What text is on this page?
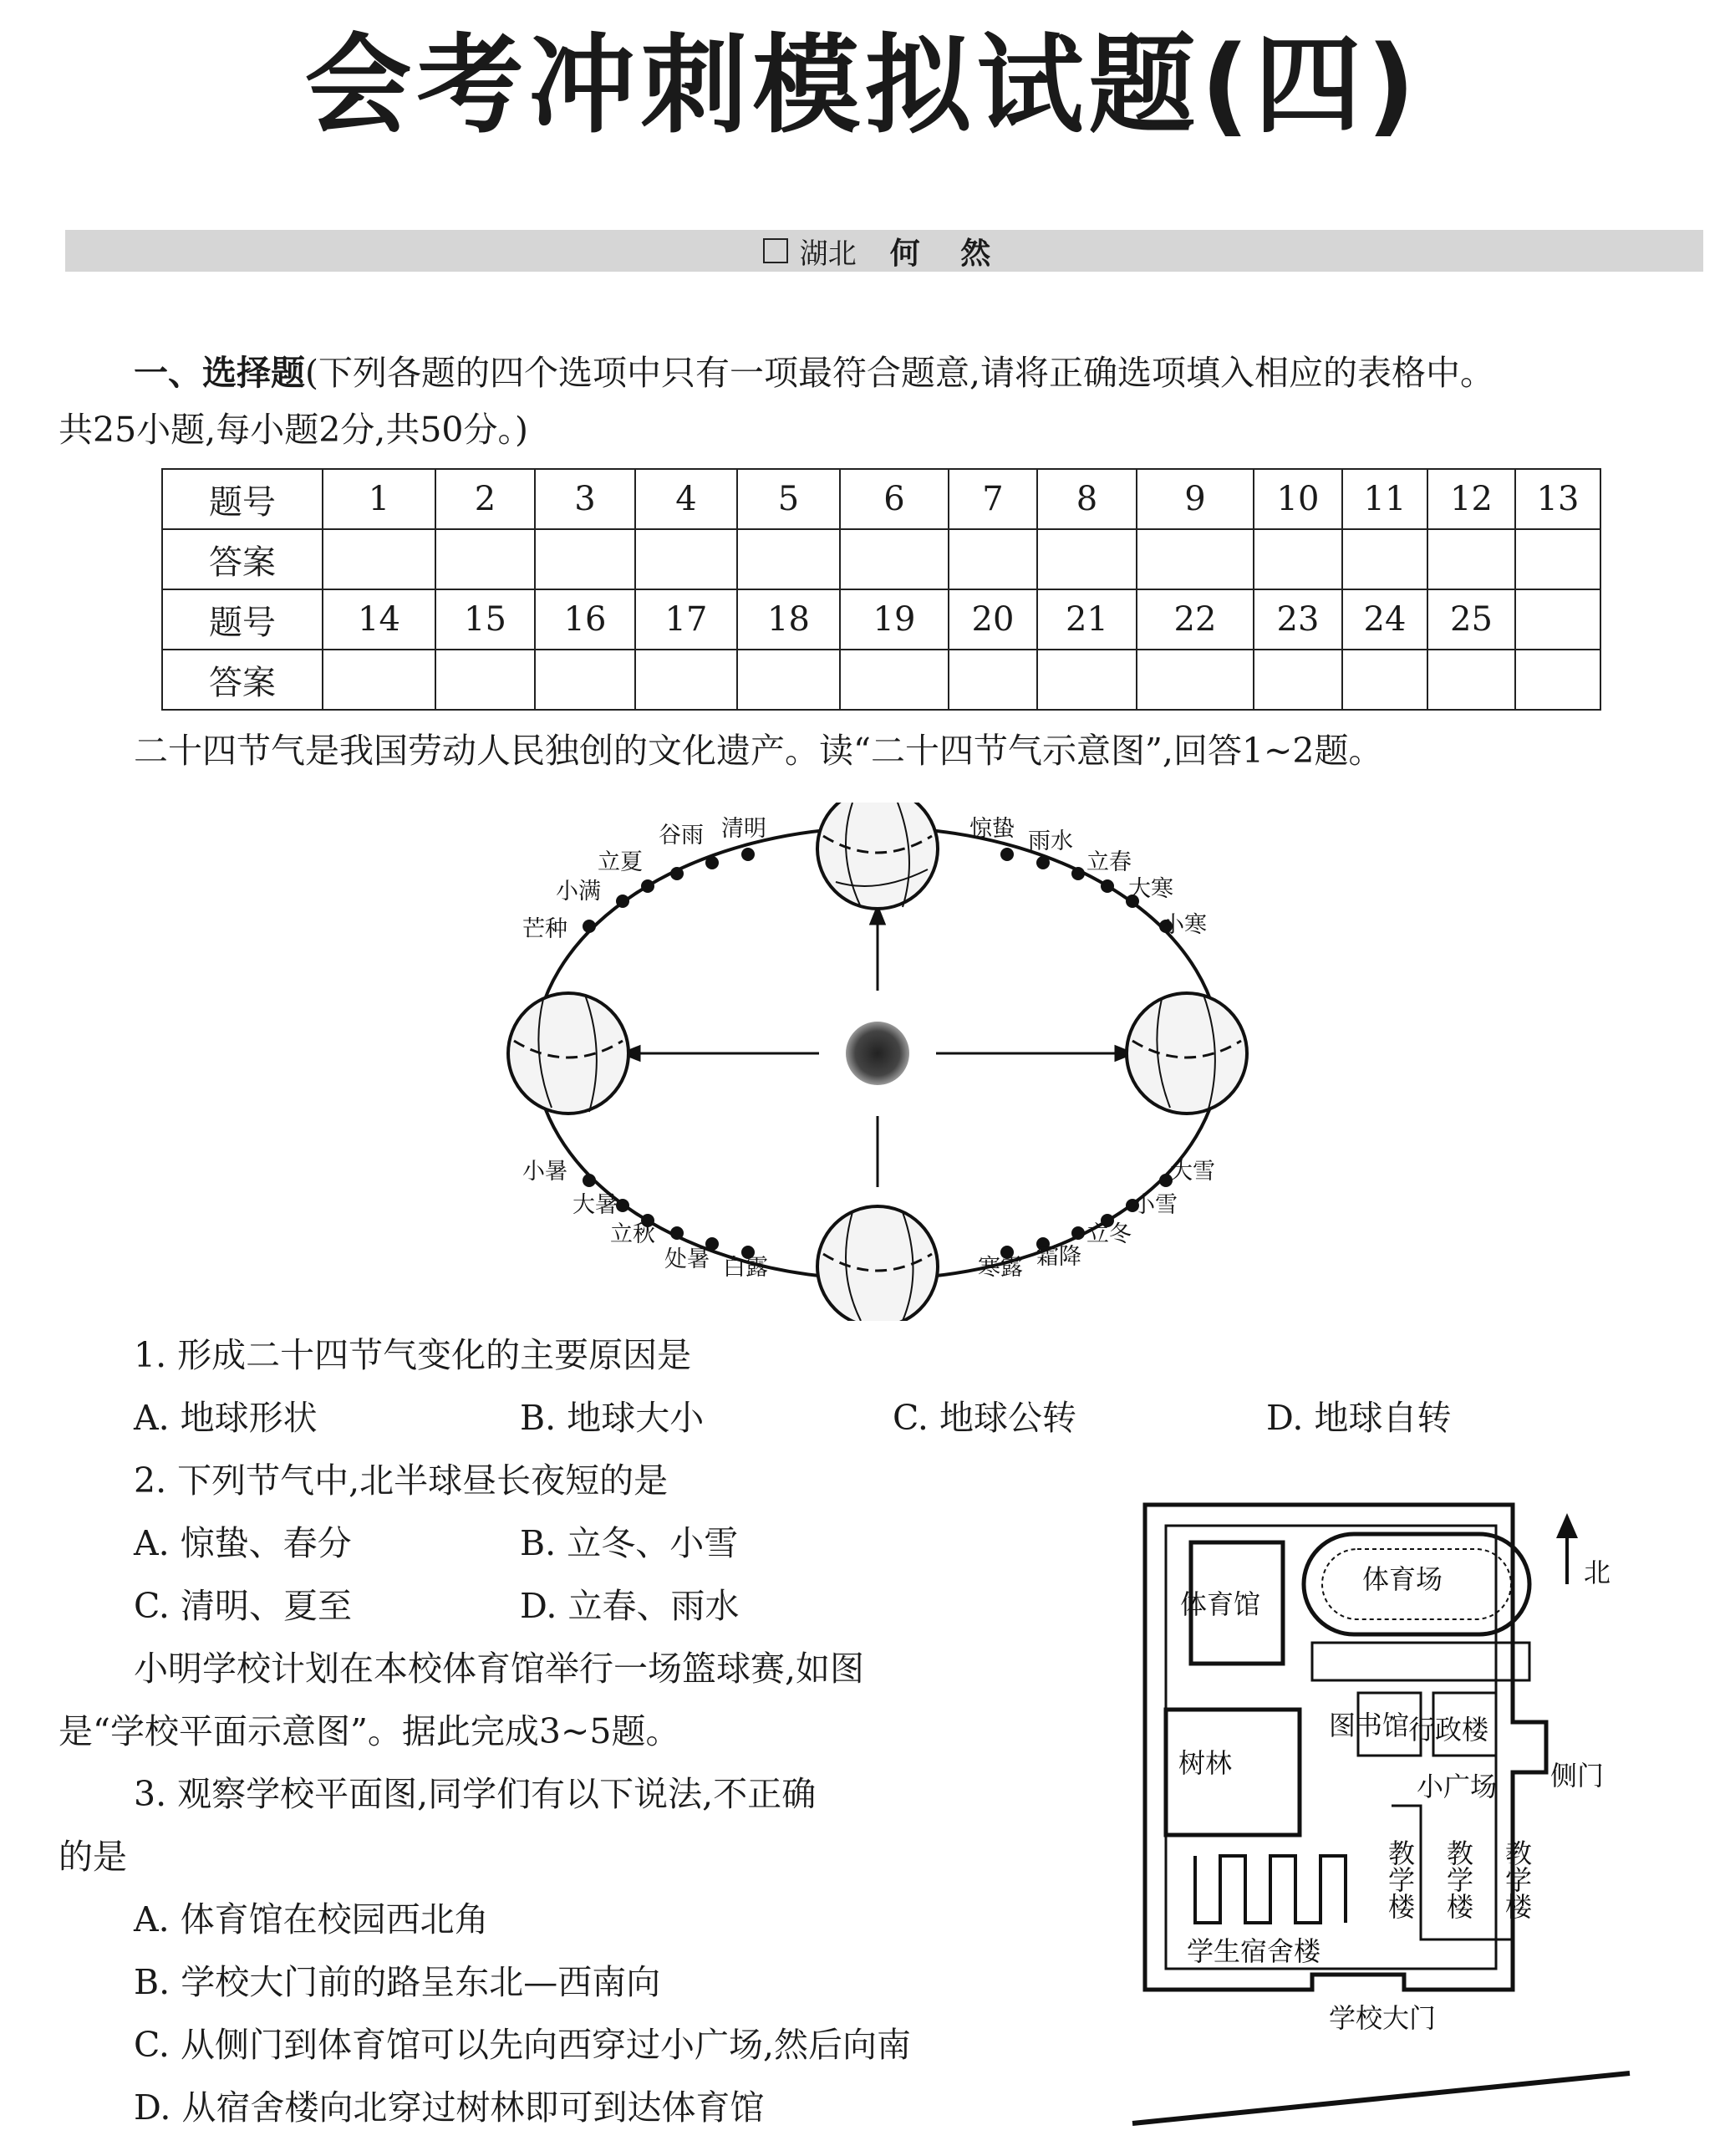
会考冲刺模拟试题(四)
湖北 何 然
一、选择题(下列各题的四个选项中只有一项最符合题意,请将正确选项填入相应的表格中。
共25小题,每小题2分,共50分。)
题号	1	2	3	4	5	6	7	8	9	10	11	12	13
答案													
题号	14	15	16	17	18	19	20	21	22	23	24	25	
答案													
二十四节气是我国劳动人民独创的文化遗产。读“二十四节气示意图”,回答1~2题。
谷雨 清明
立夏
小满
芒种
惊蛰 雨水
立春
大寒
小寒
小暑
大暑
立秋
处暑 白露
大雪
小雪
立冬
霜降
寒露
1. 形成二十四节气变化的主要原因是
A. 地球形状	B. 地球大小	C. 地球公转	D. 地球自转
2. 下列节气中,北半球昼长夜短的是
A. 惊蛰、春分	B. 立冬、小雪
C. 清明、夏至	D. 立春、雨水
小明学校计划在本校体育馆举行一场篮球赛,如图
是“学校平面示意图”。据此完成3~5题。
3. 观察学校平面图,同学们有以下说法,不正确
的是
A. 体育馆在校园西北角
B. 学校大门前的路呈东北—西南向
C. 从侧门到体育馆可以先向西穿过小广场,然后向南
D. 从宿舍楼向北穿过树林即可到达体育馆
北
体育馆
体育场
树林
图书馆
行政楼
小广场 侧门
学生宿舍楼
学校大门
教学楼 教学楼 教学楼
